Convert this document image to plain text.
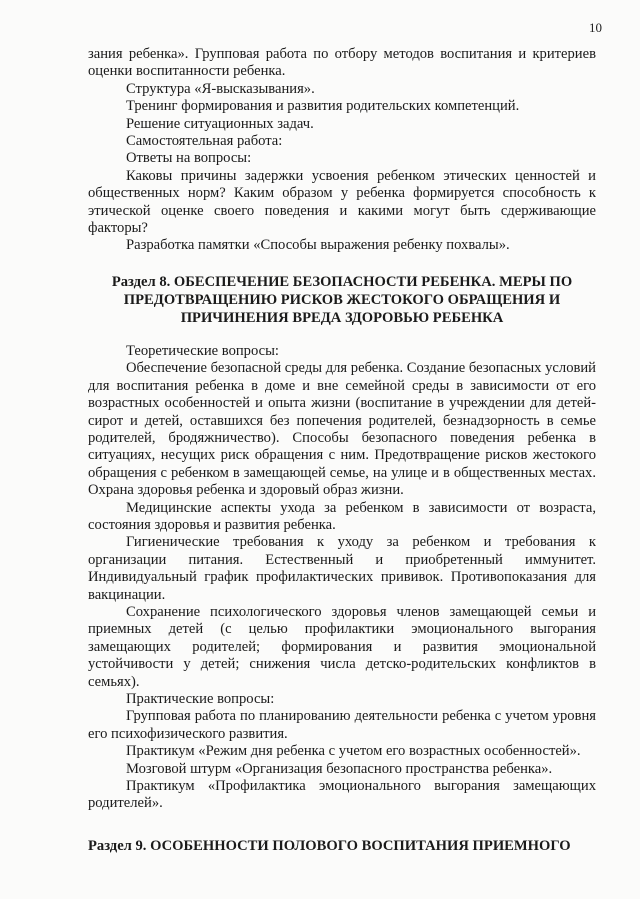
10

зания ребенка». Групповая работа по отбору методов воспитания и критериев оценки воспитанности ребенка.

Структура «Я-высказывания».

Тренинг формирования и развития родительских компетенций.

Решение ситуационных задач.

Самостоятельная работа:

Ответы на вопросы:

Каковы причины задержки усвоения ребенком этических ценностей и общественных норм? Каким образом у ребенка формируется способность к этической оценке своего поведения и какими могут быть сдерживающие факторы?

Разработка памятки «Способы выражения ребенку похвалы».

Раздел 8. ОБЕСПЕЧЕНИЕ БЕЗОПАСНОСТИ РЕБЕНКА. МЕРЫ ПО
ПРЕДОТВРАЩЕНИЮ РИСКОВ ЖЕСТОКОГО ОБРАЩЕНИЯ И
ПРИЧИНЕНИЯ ВРЕДА ЗДОРОВЬЮ РЕБЕНКА

Теоретические вопросы:

Обеспечение безопасной среды для ребенка. Создание безопасных условий для воспитания ребенка в доме и вне семейной среды в зависимости от его возрастных особенностей и опыта жизни (воспитание в учреждении для детей-сирот и детей, оставшихся без попечения родителей, безнадзорность в семье родителей, бродяжничество). Способы безопасного поведения ребенка в ситуациях, несущих риск обращения с ним. Предотвращение рисков жестокого обращения с ребенком в замещающей семье, на улице и в общественных местах. Охрана здоровья ребенка и здоровый образ жизни.

Медицинские аспекты ухода за ребенком в зависимости от возраста, состояния здоровья и развития ребенка.

Гигиенические требования к уходу за ребенком и требования к организации питания. Естественный и приобретенный иммунитет. Индивидуальный график профилактических прививок. Противопоказания для вакцинации.

Сохранение психологического здоровья членов замещающей семьи и приемных детей (с целью профилактики эмоционального выгорания замещающих родителей; формирования и развития эмоциональной устойчивости у детей; снижения числа детско-родительских конфликтов в семьях).

Практические вопросы:

Групповая работа по планированию деятельности ребенка с учетом уровня его психофизического развития.

Практикум «Режим дня ребенка с учетом его возрастных особенностей».

Мозговой штурм «Организация безопасного пространства ребенка».

Практикум «Профилактика эмоционального выгорания замещающих родителей».

Раздел 9. ОСОБЕННОСТИ ПОЛОВОГО ВОСПИТАНИЯ ПРИЕМНОГО
